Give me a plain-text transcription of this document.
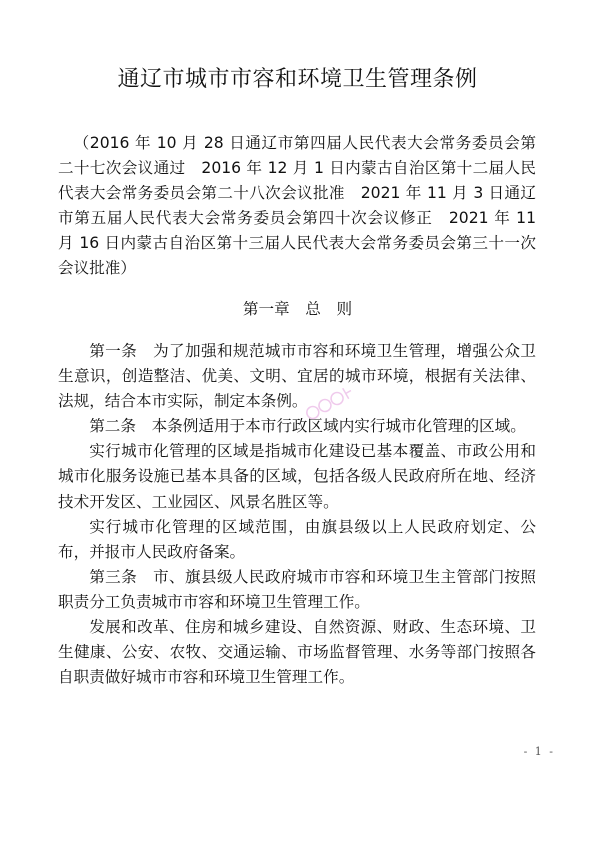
通辽市城市市容和环境卫生管理条例

（2016 年 10 月 28 日通辽市第四届人民代表大会常务委员会第二十七次会议通过　2016 年 12 月 1 日内蒙古自治区第十二届人民代表大会常务委员会第二十八次会议批准　2021 年 11 月 3 日通辽市第五届人民代表大会常务委员会第四十次会议修正　2021 年 11 月 16 日内蒙古自治区第十三届人民代表大会常务委员会第三十一次会议批准）

第一章　总　则

第一条　为了加强和规范城市市容和环境卫生管理，增强公众卫生意识，创造整洁、优美、文明、宜居的城市环境，根据有关法律、法规，结合本市实际，制定本条例。

第二条　本条例适用于本市行政区域内实行城市化管理的区域。

实行城市化管理的区域是指城市化建设已基本覆盖、市政公用和城市化服务设施已基本具备的区域，包括各级人民政府所在地、经济技术开发区、工业园区、风景名胜区等。

实行城市化管理的区域范围，由旗县级以上人民政府划定、公布，并报市人民政府备案。

第三条　市、旗县级人民政府城市市容和环境卫生主管部门按照职责分工负责城市市容和环境卫生管理工作。

发展和改革、住房和城乡建设、自然资源、财政、生态环境、卫生健康、公安、农牧、交通运输、市场监督管理、水务等部门按照各自职责做好城市市容和环境卫生管理工作。

- 1 -
